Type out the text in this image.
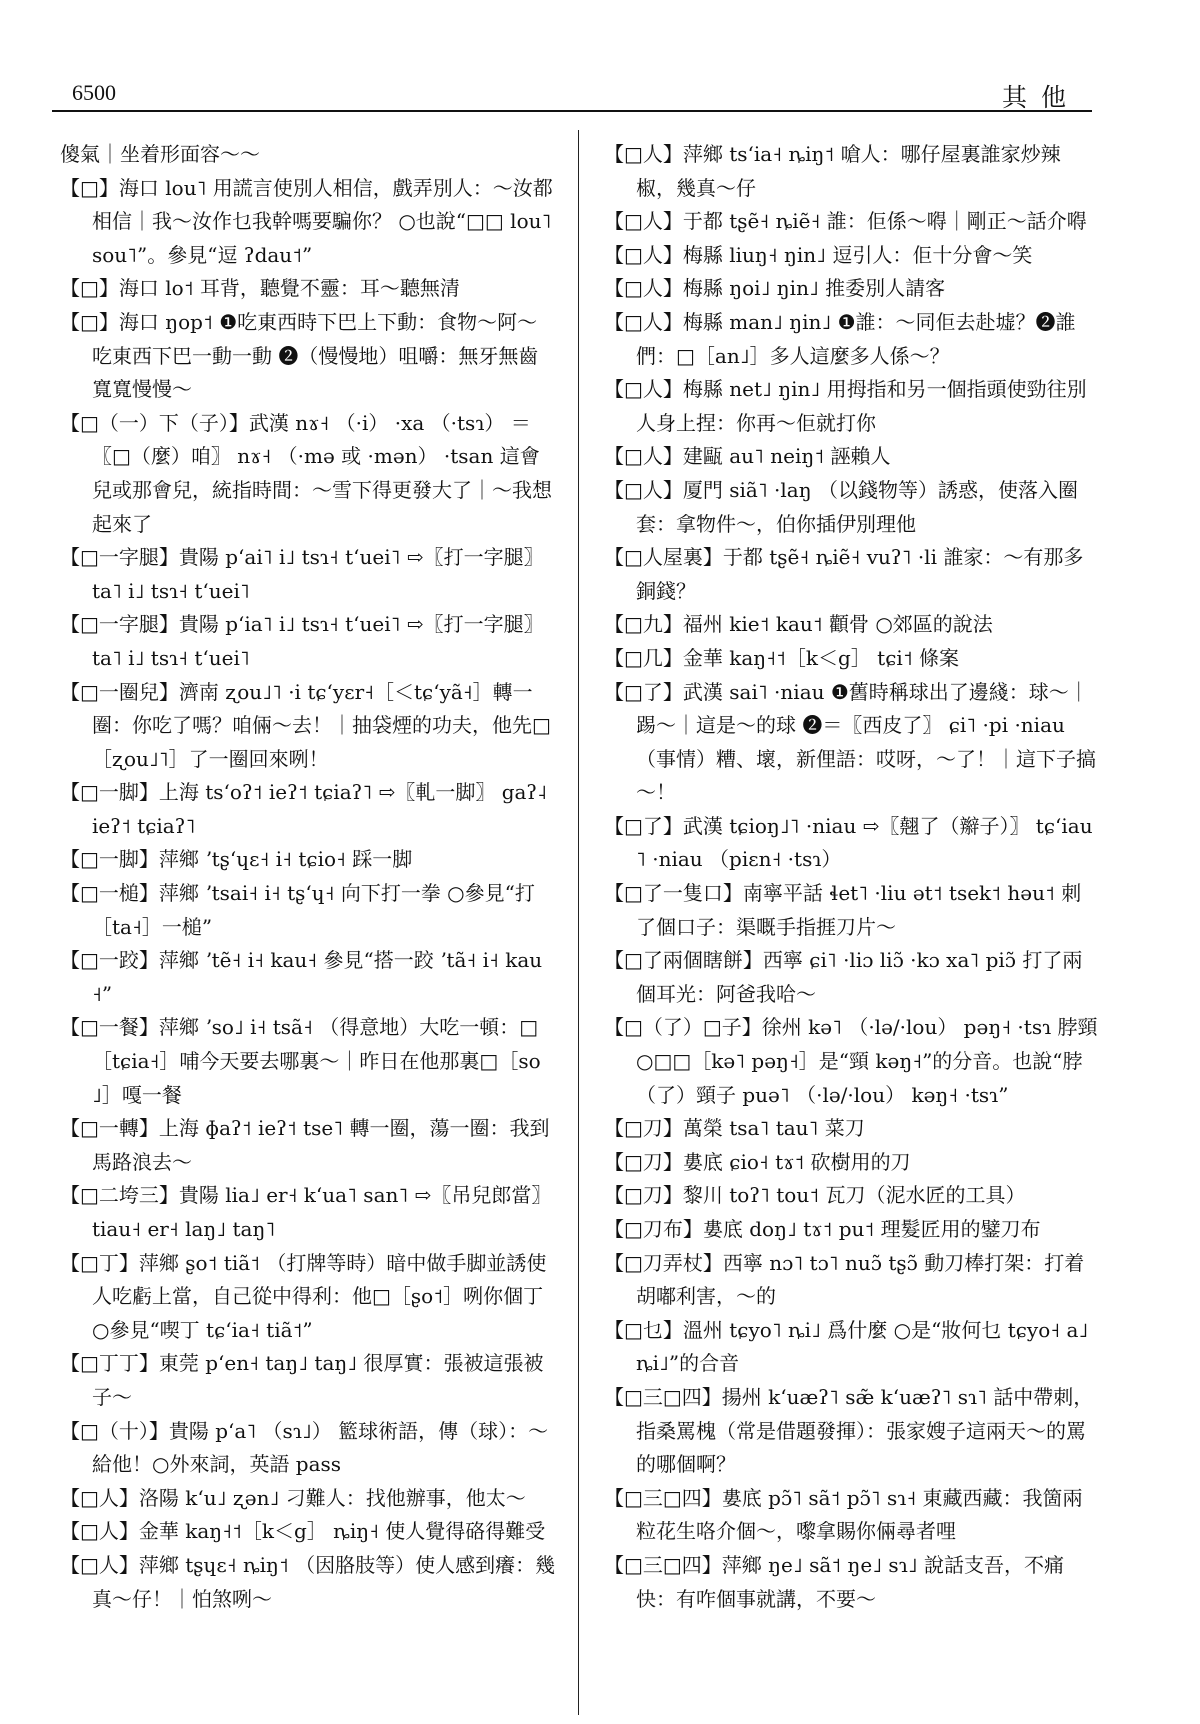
6500	其他

傻氣｜坐着形面容～～

【□】海口 lou˥ 用謊言使別人相信，戲弄別人：～汝都相信｜我～汝作乜我幹嗎要騙你？ ○也說“□□ lou˥ sou˥”。參見“逗 ʔdau˦”

【□】海口 lo˦ 耳背，聽覺不靈：耳～聽無清

【□】海口 ŋop˦ ❶吃東西時下巴上下動：食物～阿～吃東西下巴一動一動 ❷（慢慢地）咀嚼：無牙無齒寬寬慢慢～

【□（一）下（子）】武漢 nɤ˧ （·i） ·xa （·tsɿ） ＝〖□（麼）咱〗 nɤ˧ （·mə 或 ·mən） ·tsan 這會兒或那會兒，統指時間：～雪下得更發大了｜～我想起來了

【□一字腿】貴陽 pʻai˥ i˩ tsɿ˧ tʻuei˥ ⇨〖打一字腿〗 ta˥ i˩ tsɿ˧ tʻuei˥

【□一字腿】貴陽 pʻia˥ i˩ tsɿ˧ tʻuei˥ ⇨〖打一字腿〗 ta˥ i˩ tsɿ˧ tʻuei˥

【□一圈兒】濟南 ʐou˩˥ ·i tɕʻyɛr˧［＜tɕʻyã˧］轉一圈：你吃了嗎？咱倆～去！｜抽袋煙的功夫，他先□［ʐou˩˥］了一圈回來咧！

【□一脚】上海 tsʻoʔ˦ ieʔ˦ tɕiaʔ˥ ⇨〖軋一脚〗 gaʔ˨ ieʔ˦ tɕiaʔ˥

【□一脚】萍鄉 ʼtʂʻɥɛ˧ i˧ tɕio˧ 踩一脚

【□一槌】萍鄉 ʼtsai˧ i˧ tʂʻɥ˧ 向下打一拳 ○參見“打［ta˧］一槌”

【□一跤】萍鄉 ʼtẽ˧ i˧ kau˧ 參見“搭一跤 ʼtã˧ i˧ kau˧”

【□一餐】萍鄉 ʼso˩ i˧ tsã˧ （得意地）大吃一頓：□［tɕia˧］哺今天要去哪裏～｜昨日在他那裏□［so˩］嘎一餐

【□一轉】上海 ɸaʔ˦ ieʔ˦ tse˥ 轉一圈，蕩一圈：我到馬路浪去～

【□二垮三】貴陽 lia˩ er˧ kʻua˥ san˥ ⇨〖吊兒郎當〗 tiau˧ er˧ laŋ˩ taŋ˥

【□丁】萍鄉 ʂo˦ tiã˦ （打牌等時）暗中做手脚並誘使人吃虧上當，自己從中得利：他□［ʂo˦］咧你個丁 ○參見“喫丁 tɕʻia˧ tiã˦”

【□丁丁】東莞 pʻen˧ taŋ˩ taŋ˩ 很厚實：張被這張被子～

【□（十）】貴陽 pʻa˥ （sɿ˩） 籃球術語，傳（球）：～給他！○外來詞，英語 pass

【□人】洛陽 kʻu˩ ʐən˩ 刁難人：找他辦事，他太～

【□人】金華 kaŋ˧˦［k＜g］ ȵiŋ˧ 使人覺得硌得難受

【□人】萍鄉 tʂɥɛ˧ ȵiŋ˦ （因胳肢等）使人感到癢：幾真～仔！｜怕煞咧～

【□人】萍鄉 tsʻia˧ ȵiŋ˦ 嗆人：哪仔屋裏誰家炒辣椒，幾真～仔

【□人】于都 tʂẽ˧ ȵiẽ˧ 誰：佢係～嘚｜剛正～話介嘚

【□人】梅縣 liuŋ˧ ŋin˩ 逗引人：佢十分會～笑

【□人】梅縣 ŋoi˩ ŋin˩ 推委別人請客

【□人】梅縣 man˩ ŋin˩ ❶誰：～同佢去赴墟？❷誰們：□［an˩］多人這麼多人係～？

【□人】梅縣 net˩ ŋin˩ 用拇指和另一個指頭使勁往別人身上捏：你再～佢就打你

【□人】建甌 au˥ neiŋ˦ 誣賴人

【□人】厦門 siã˥ ·laŋ （以錢物等）誘惑，使落入圈套：拿物件～，伯你插伊別理他

【□人屋裏】于都 tʂẽ˧ ȵiẽ˧ vuʔ˥ ·li 誰家：～有那多銅錢？

【□九】福州 kie˦ kau˦ 顴骨 ○郊區的說法

【□几】金華 kaŋ˧˦［k＜g］ tɕi˦ 條案

【□了】武漢 sai˥ ·niau ❶舊時稱球出了邊綫：球～｜踢～｜這是～的球 ❷＝〖西皮了〗 ɕi˥ ·pi ·niau （事情）糟、壞，新俚語：哎呀，～了！｜這下子搞～！

【□了】武漢 tɕioŋ˩˥ ·niau ⇨〖翹了（辮子）〗 tɕʻiau˥ ·niau （piɛn˧ ·tsɿ）

【□了一隻口】南寧平話 ɬet˥ ·liu ət˦ tsek˦ həu˦ 刺了個口子：渠嘅手指捱刀片～

【□了兩個瞎餅】西寧 ɕi˥ ·liɔ liɔ̃ ·kɔ xa˥ piɔ̃ 打了兩個耳光：阿爸我哈～

【□（了）□子】徐州 kə˥ （·lə/·lou） pəŋ˧ ·tsɿ 脖頸 ○□□［kə˥ pəŋ˧］是“頸 kəŋ˧”的分音。也說“脖（了）頸子 puə˥ （·lə/·lou） kəŋ˧ ·tsɿ”

【□刀】萬榮 tsa˥ tau˥ 菜刀

【□刀】婁底 ɕio˧ tɤ˦ 砍樹用的刀

【□刀】黎川 toʔ˥ tou˦ 瓦刀（泥水匠的工具）

【□刀布】婁底 doŋ˩ tɤ˦ pu˦ 理髮匠用的鐾刀布

【□刀弄杖】西寧 nɔ˥ tɔ˥ nuɔ̃ tʂɔ̃ 動刀棒打架：打着胡嘟利害，～的

【□乜】溫州 tɕyo˥ ȵi˩ 爲什麼 ○是“妝何乜 tɕyo˧ a˩ ȵi˩”的合音

【□三□四】揚州 kʻuæʔ˥ sæ̃ kʻuæʔ˥ sɿ˥ 話中帶刺，指桑罵槐（常是借題發揮）：張家嫂子這兩天～的罵的哪個啊？

【□三□四】婁底 pɔ̃˥ sã˦ pɔ̃˥ sɿ˧ 東藏西藏：我箇兩粒花生咯介個～，嚟拿賜你倆尋者哩

【□三□四】萍鄉 ŋe˩ sã˦ ŋe˩ sɿ˩ 說話支吾，不痛快：有咋個事就講，不要～
